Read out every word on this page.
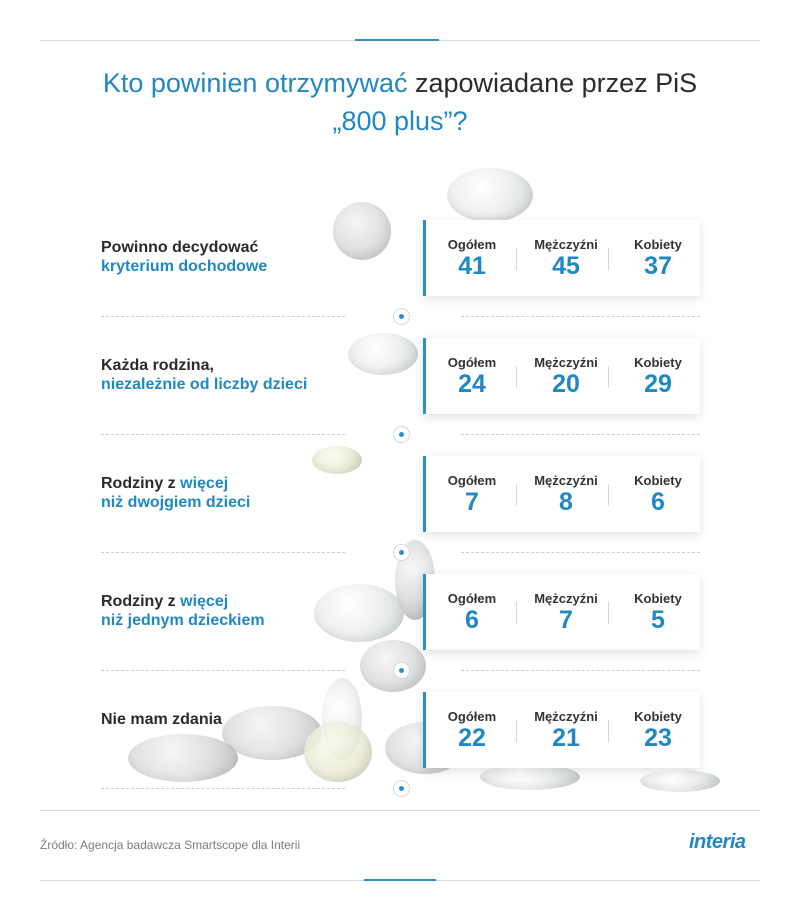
Kto powinien otrzymywać zapowiadane przez PiS
„800 plus”?
Powinno decydować
kryterium dochodowe
Ogółem
41
Mężczyźni
45
Kobiety
37
Każda rodzina,
niezależnie od liczby dzieci
Ogółem
24
Mężczyźni
20
Kobiety
29
Rodziny z więcej
niż dwojgiem dzieci
Ogółem
7
Mężczyźni
8
Kobiety
6
Rodziny z więcej
niż jednym dzieckiem
Ogółem
6
Mężczyźni
7
Kobiety
5
Nie mam zdania	Ogółem
22
Mężczyźni
21
Kobiety
23
Źródło: Agencja badawcza Smartscope dla Interii	interia
